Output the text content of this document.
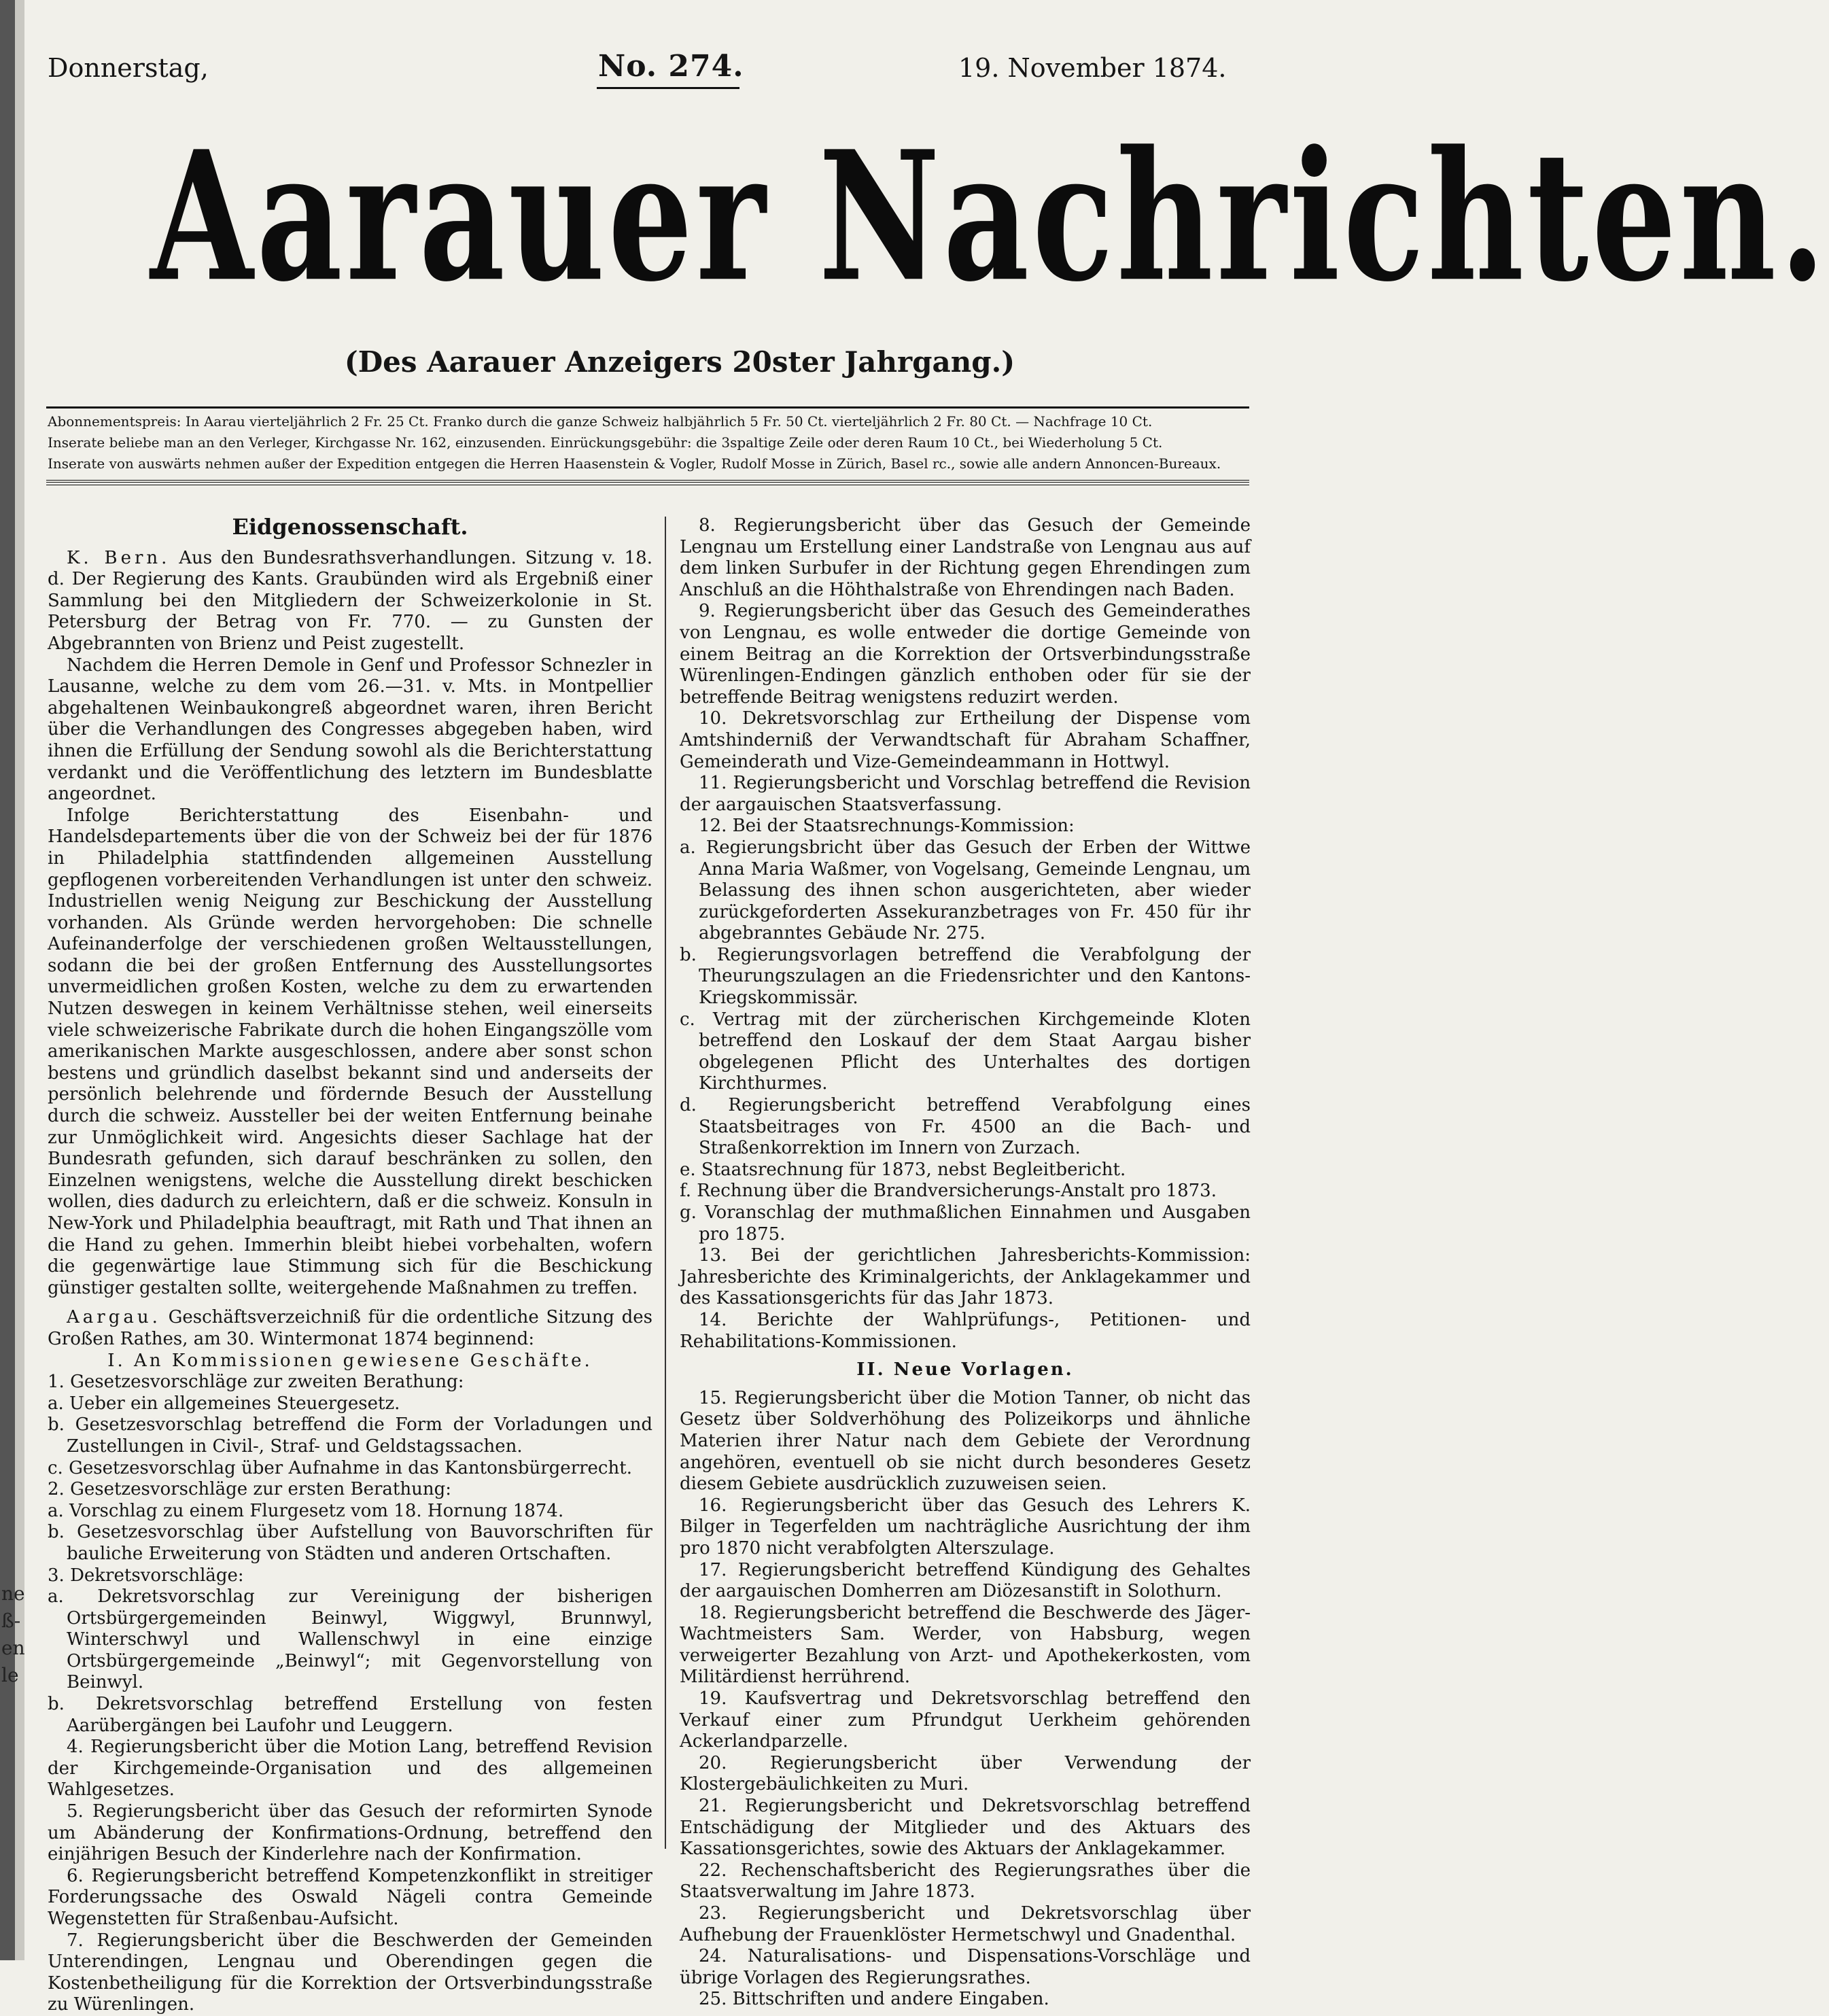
ne
ß-
en
le
Donnerstag,	No. 274.	19. November 1874.
Aarauer Nachrichten.
(Des Aarauer Anzeigers 20ster Jahrgang.)
Abonnementspreis: In Aarau vierteljährlich 2 Fr. 25 Ct. Franko durch die ganze Schweiz halbjährlich 5 Fr. 50 Ct. vierteljährlich 2 Fr. 80 Ct. — Nachfrage 10 Ct.
Inserate beliebe man an den Verleger, Kirchgasse Nr. 162, einzusenden. Einrückungsgebühr: die 3spaltige Zeile oder deren Raum 10 Ct., bei Wiederholung 5 Ct.
Inserate von auswärts nehmen außer der Expedition entgegen die Herren Haasenstein & Vogler, Rudolf Mosse in Zürich, Basel rc., sowie alle andern Annoncen-Bureaux.

Eidgenossenschaft.

K. Bern. Aus den Bundesrathsverhandlungen. Sitzung v. 18. d. Der Regierung des Kants. Graubünden wird als Ergebniß einer Sammlung bei den Mitgliedern der Schweizerkolonie in St. Petersburg der Betrag von Fr. 770. — zu Gunsten der Abgebrannten von Brienz und Peist zugestellt.

Nachdem die Herren Demole in Genf und Professor Schnezler in Lausanne, welche zu dem vom 26.—31. v. Mts. in Montpellier abgehaltenen Weinbaukongreß abgeordnet waren, ihren Bericht über die Verhandlungen des Congresses abgegeben haben, wird ihnen die Erfüllung der Sendung sowohl als die Berichterstattung verdankt und die Veröffentlichung des letztern im Bundesblatte angeordnet.

Infolge Berichterstattung des Eisenbahn- und Handelsdepartements über die von der Schweiz bei der für 1876 in Philadelphia stattfindenden allgemeinen Ausstellung gepflogenen vorbereitenden Verhandlungen ist unter den schweiz. Industriellen wenig Neigung zur Beschickung der Ausstellung vorhanden. Als Gründe werden hervorgehoben: Die schnelle Aufeinanderfolge der verschiedenen großen Weltausstellungen, sodann die bei der großen Entfernung des Ausstellungsortes unvermeidlichen großen Kosten, welche zu dem zu erwartenden Nutzen deswegen in keinem Verhältnisse stehen, weil einerseits viele schweizerische Fabrikate durch die hohen Eingangszölle vom amerikanischen Markte ausgeschlossen, andere aber sonst schon bestens und gründlich daselbst bekannt sind und anderseits der persönlich belehrende und fördernde Besuch der Ausstellung durch die schweiz. Aussteller bei der weiten Entfernung beinahe zur Unmöglichkeit wird. Angesichts dieser Sachlage hat der Bundesrath gefunden, sich darauf beschränken zu sollen, den Einzelnen wenigstens, welche die Ausstellung direkt beschicken wollen, dies dadurch zu erleichtern, daß er die schweiz. Konsuln in New-York und Philadelphia beauftragt, mit Rath und That ihnen an die Hand zu gehen. Immerhin bleibt hiebei vorbehalten, wofern die gegenwärtige laue Stimmung sich für die Beschickung günstiger gestalten sollte, weitergehende Maßnahmen zu treffen.

Aargau. Geschäftsverzeichniß für die ordentliche Sitzung des Großen Rathes, am 30. Wintermonat 1874 beginnend:

I. An Kommissionen gewiesene Geschäfte.

1. Gesetzesvorschläge zur zweiten Berathung:

a. Ueber ein allgemeines Steuergesetz.

b. Gesetzesvorschlag betreffend die Form der Vorladungen und Zustellungen in Civil-, Straf- und Geldstagssachen.

c. Gesetzesvorschlag über Aufnahme in das Kantonsbürgerrecht.

2. Gesetzesvorschläge zur ersten Berathung:

a. Vorschlag zu einem Flurgesetz vom 18. Hornung 1874.

b. Gesetzesvorschlag über Aufstellung von Bauvorschriften für bauliche Erweiterung von Städten und anderen Ortschaften.

3. Dekretsvorschläge:

a. Dekretsvorschlag zur Vereinigung der bisherigen Ortsbürgergemeinden Beinwyl, Wiggwyl, Brunnwyl, Winterschwyl und Wallenschwyl in eine einzige Ortsbürgergemeinde „Beinwyl“; mit Gegenvorstellung von Beinwyl.

b. Dekretsvorschlag betreffend Erstellung von festen Aarübergängen bei Laufohr und Leuggern.

4. Regierungsbericht über die Motion Lang, betreffend Revision der Kirchgemeinde-Organisation und des allgemeinen Wahlgesetzes.

5. Regierungsbericht über das Gesuch der reformirten Synode um Abänderung der Konfirmations-Ordnung, betreffend den einjährigen Besuch der Kinderlehre nach der Konfirmation.

6. Regierungsbericht betreffend Kompetenzkonflikt in streitiger Forderungssache des Oswald Nägeli contra Gemeinde Wegenstetten für Straßenbau-Aufsicht.

7. Regierungsbericht über die Beschwerden der Gemeinden Unterendingen, Lengnau und Oberendingen gegen die Kostenbetheiligung für die Korrektion der Ortsverbindungsstraße zu Würenlingen.

8. Regierungsbericht über das Gesuch der Gemeinde Lengnau um Erstellung einer Landstraße von Lengnau aus auf dem linken Surbufer in der Richtung gegen Ehrendingen zum Anschluß an die Höhthalstraße von Ehrendingen nach Baden.

9. Regierungsbericht über das Gesuch des Gemeinderathes von Lengnau, es wolle entweder die dortige Gemeinde von einem Beitrag an die Korrektion der Ortsverbindungsstraße Würenlingen-Endingen gänzlich enthoben oder für sie der betreffende Beitrag wenigstens reduzirt werden.

10. Dekretsvorschlag zur Ertheilung der Dispense vom Amtshinderniß der Verwandtschaft für Abraham Schaffner, Gemeinderath und Vize-Gemeindeammann in Hottwyl.

11. Regierungsbericht und Vorschlag betreffend die Revision der aargauischen Staatsverfassung.

12. Bei der Staatsrechnungs-Kommission:

a. Regierungsbricht über das Gesuch der Erben der Wittwe Anna Maria Waßmer, von Vogelsang, Gemeinde Lengnau, um Belassung des ihnen schon ausgerichteten, aber wieder zurückgeforderten Assekuranzbetrages von Fr. 450 für ihr abgebranntes Gebäude Nr. 275.

b. Regierungsvorlagen betreffend die Verabfolgung der Theurungszulagen an die Friedensrichter und den Kantons-Kriegskommissär.

c. Vertrag mit der zürcherischen Kirchgemeinde Kloten betreffend den Loskauf der dem Staat Aargau bisher obgelegenen Pflicht des Unterhaltes des dortigen Kirchthurmes.

d. Regierungsbericht betreffend Verabfolgung eines Staatsbeitrages von Fr. 4500 an die Bach- und Straßenkorrektion im Innern von Zurzach.

e. Staatsrechnung für 1873, nebst Begleitbericht.

f. Rechnung über die Brandversicherungs-Anstalt pro 1873.

g. Voranschlag der muthmaßlichen Einnahmen und Ausgaben pro 1875.

13. Bei der gerichtlichen Jahresberichts-Kommission: Jahresberichte des Kriminalgerichts, der Anklagekammer und des Kassationsgerichts für das Jahr 1873.

14. Berichte der Wahlprüfungs-, Petitionen- und Rehabilitations-Kommissionen.

II. Neue Vorlagen.

15. Regierungsbericht über die Motion Tanner, ob nicht das Gesetz über Soldverhöhung des Polizeikorps und ähnliche Materien ihrer Natur nach dem Gebiete der Verordnung angehören, eventuell ob sie nicht durch besonderes Gesetz diesem Gebiete ausdrücklich zuzuweisen seien.

16. Regierungsbericht über das Gesuch des Lehrers K. Bilger in Tegerfelden um nachträgliche Ausrichtung der ihm pro 1870 nicht verabfolgten Alterszulage.

17. Regierungsbericht betreffend Kündigung des Gehaltes der aargauischen Domherren am Diözesanstift in Solothurn.

18. Regierungsbericht betreffend die Beschwerde des Jäger-Wachtmeisters Sam. Werder, von Habsburg, wegen verweigerter Bezahlung von Arzt- und Apothekerkosten, vom Militärdienst herrührend.

19. Kaufsvertrag und Dekretsvorschlag betreffend den Verkauf einer zum Pfrundgut Uerkheim gehörenden Ackerlandparzelle.

20. Regierungsbericht über Verwendung der Klostergebäulichkeiten zu Muri.

21. Regierungsbericht und Dekretsvorschlag betreffend Entschädigung der Mitglieder und des Aktuars des Kassationsgerichtes, sowie des Aktuars der Anklagekammer.

22. Rechenschaftsbericht des Regierungsrathes über die Staatsverwaltung im Jahre 1873.

23. Regierungsbericht und Dekretsvorschlag über Aufhebung der Frauenklöster Hermetschwyl und Gnadenthal.

24. Naturalisations- und Dispensations-Vorschläge und übrige Vorlagen des Regierungsrathes.

25. Bittschriften und andere Eingaben.
